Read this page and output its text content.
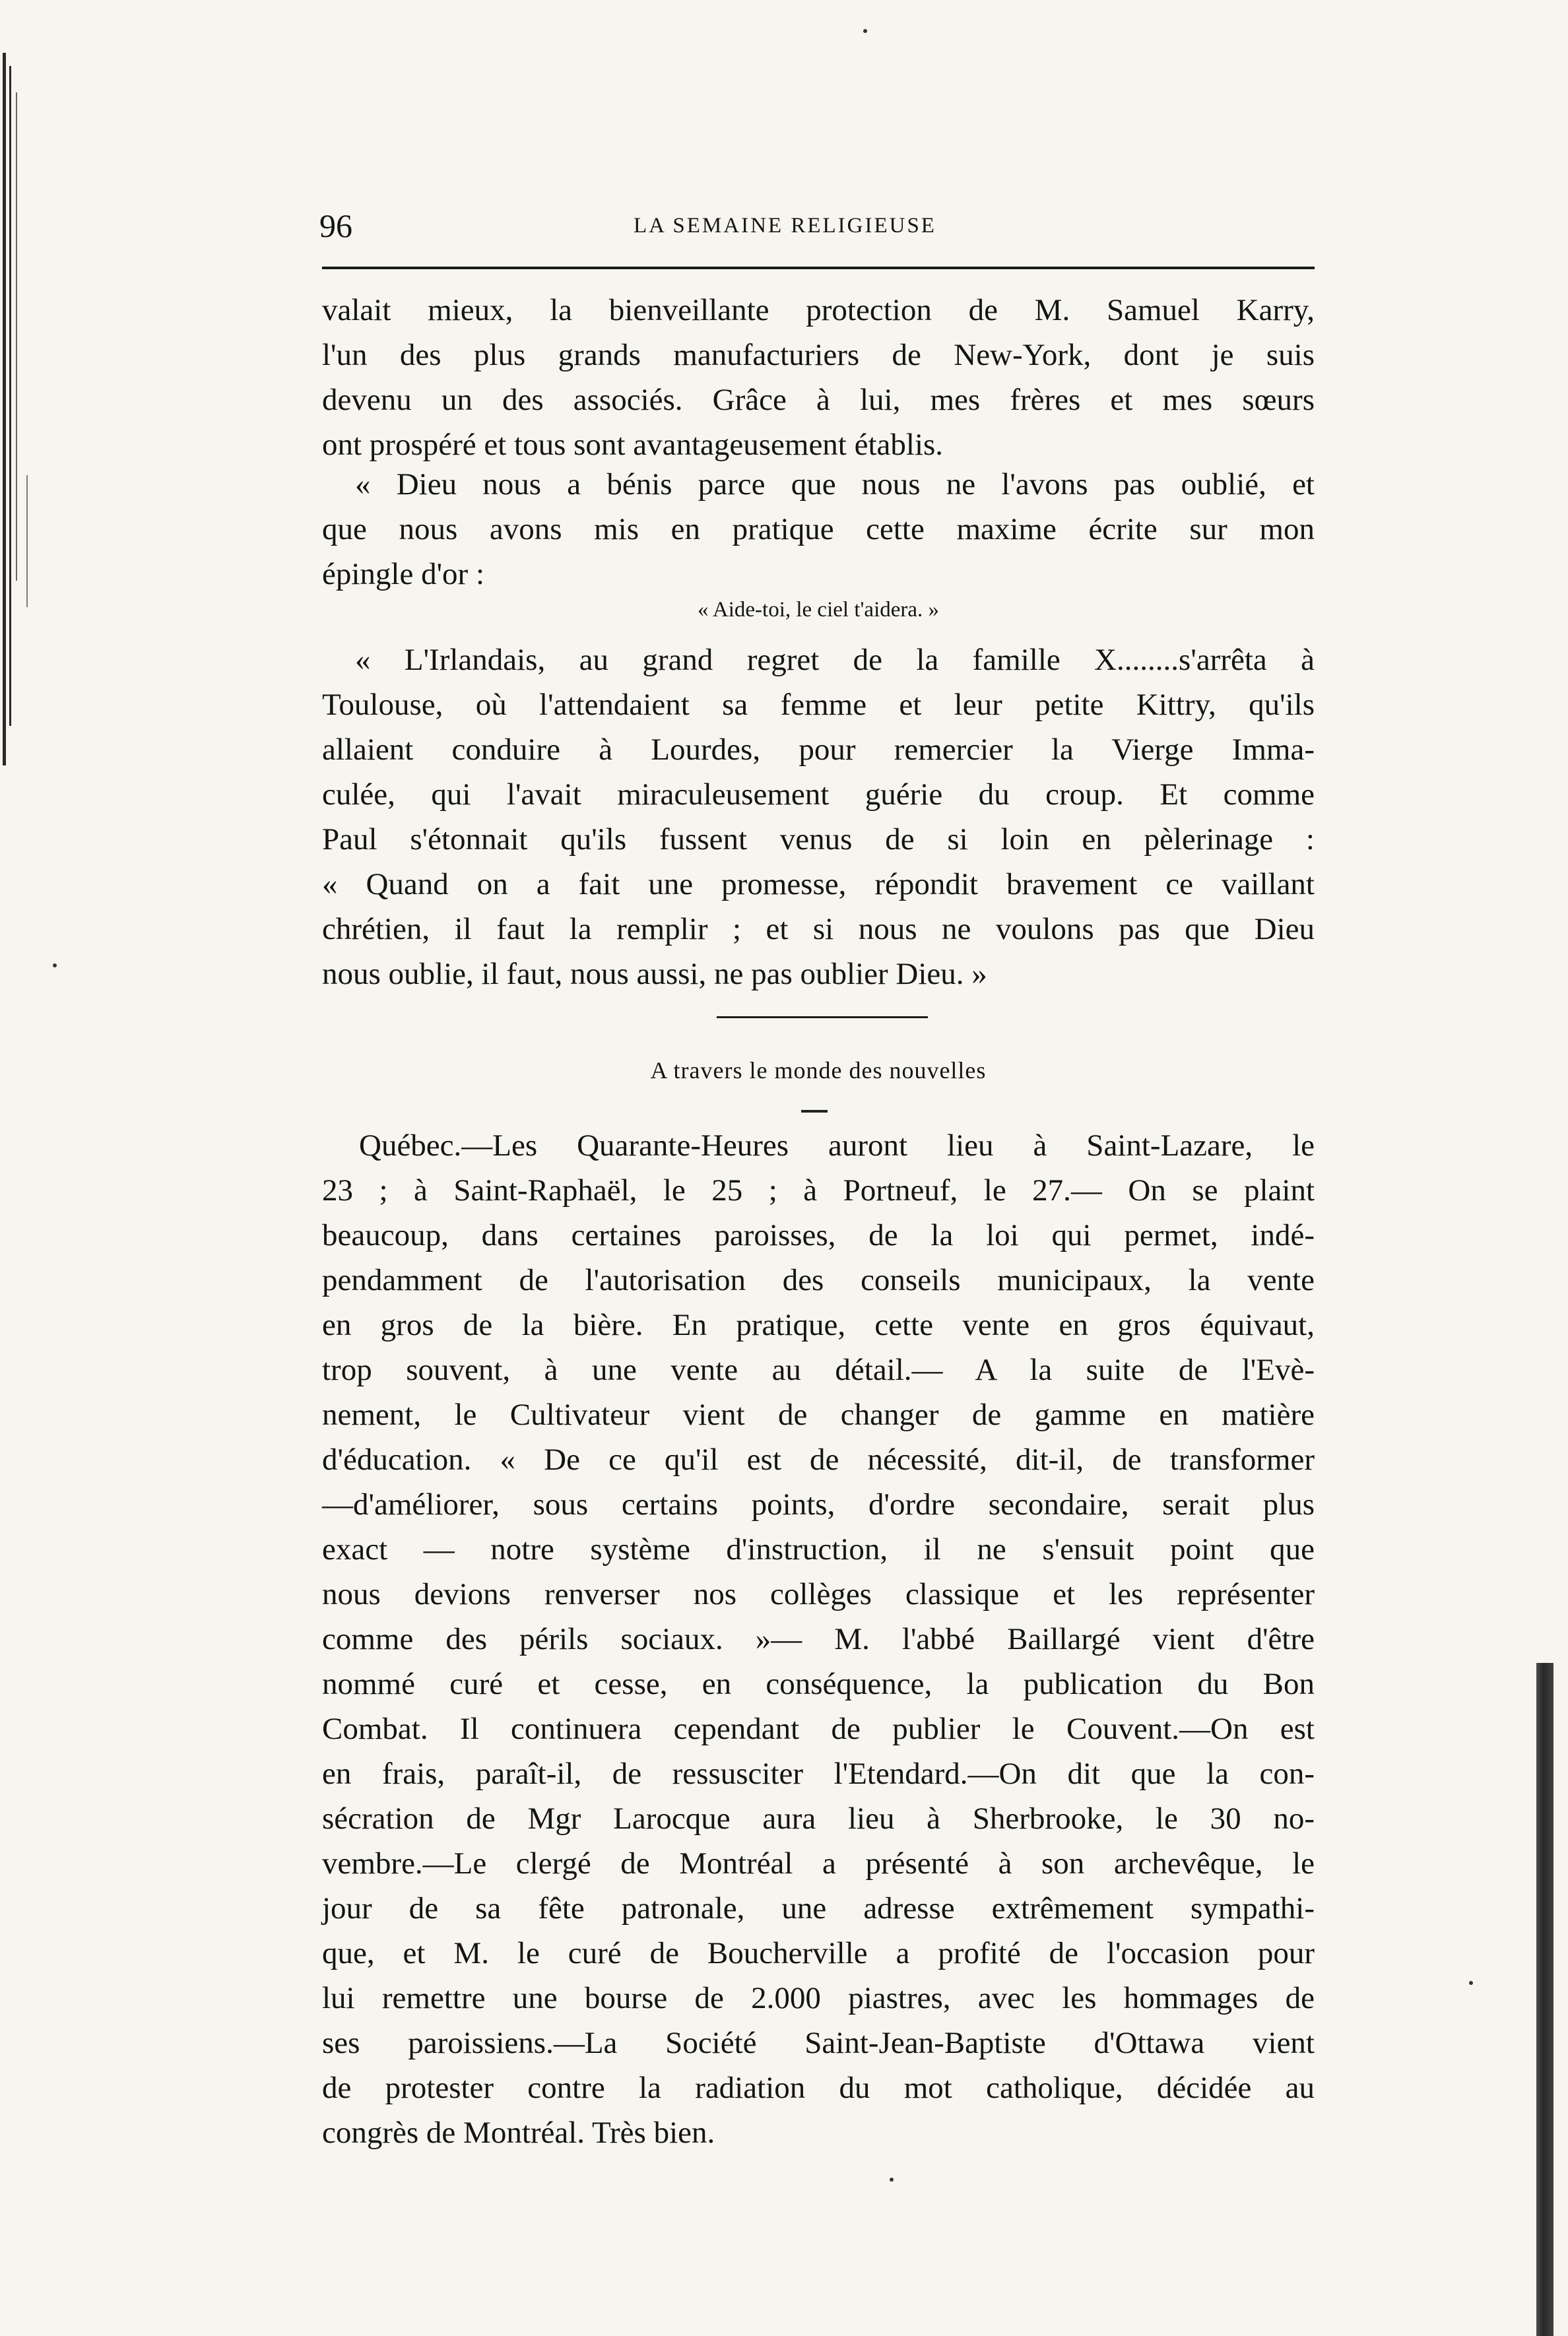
96	LA SEMAINE RELIGIEUSE
valait mieux, la bienveillante protection de M. Samuel Karry,
l'un des plus grands manufacturiers de New-York, dont je suis
devenu un des associés. Grâce à lui, mes frères et mes sœurs
ont prospéré et tous sont avantageusement établis.
« Dieu nous a bénis parce que nous ne l'avons pas oublié, et
que nous avons mis en pratique cette maxime écrite sur mon
épingle d'or :
« Aide-toi, le ciel t'aidera. »
« L'Irlandais, au grand regret de la famille X........s'arrêta à
Toulouse, où l'attendaient sa femme et leur petite Kittry, qu'ils
allaient conduire à Lourdes, pour remercier la Vierge Imma-
culée, qui l'avait miraculeusement guérie du croup. Et comme
Paul s'étonnait qu'ils fussent venus de si loin en pèlerinage :
« Quand on a fait une promesse, répondit bravement ce vaillant
chrétien, il faut la remplir ; et si nous ne voulons pas que Dieu
nous oublie, il faut, nous aussi, ne pas oublier Dieu. »
A travers le monde des nouvelles
Québec.—Les Quarante-Heures auront lieu à Saint-Lazare, le
23 ; à Saint-Raphaël, le 25 ; à Portneuf, le 27.— On se plaint
beaucoup, dans certaines paroisses, de la loi qui permet, indé-
pendamment de l'autorisation des conseils municipaux, la vente
en gros de la bière. En pratique, cette vente en gros équivaut,
trop souvent, à une vente au détail.— A la suite de l'Evè-
nement, le Cultivateur vient de changer de gamme en matière
d'éducation. « De ce qu'il est de nécessité, dit-il, de transformer
—d'améliorer, sous certains points, d'ordre secondaire, serait plus
exact — notre système d'instruction, il ne s'ensuit point que
nous devions renverser nos collèges classique et les représenter
comme des périls sociaux. »— M. l'abbé Baillargé vient d'être
nommé curé et cesse, en conséquence, la publication du Bon
Combat. Il continuera cependant de publier le Couvent.—On est
en frais, paraît-il, de ressusciter l'Etendard.—On dit que la con-
sécration de Mgr Larocque aura lieu à Sherbrooke, le 30 no-
vembre.—Le clergé de Montréal a présenté à son archevêque, le
jour de sa fête patronale, une adresse extrêmement sympathi-
que, et M. le curé de Boucherville a profité de l'occasion pour
lui remettre une bourse de 2.000 piastres, avec les hommages de
ses paroissiens.—La Société Saint-Jean-Baptiste d'Ottawa vient
de protester contre la radiation du mot catholique, décidée au
congrès de Montréal. Très bien.
